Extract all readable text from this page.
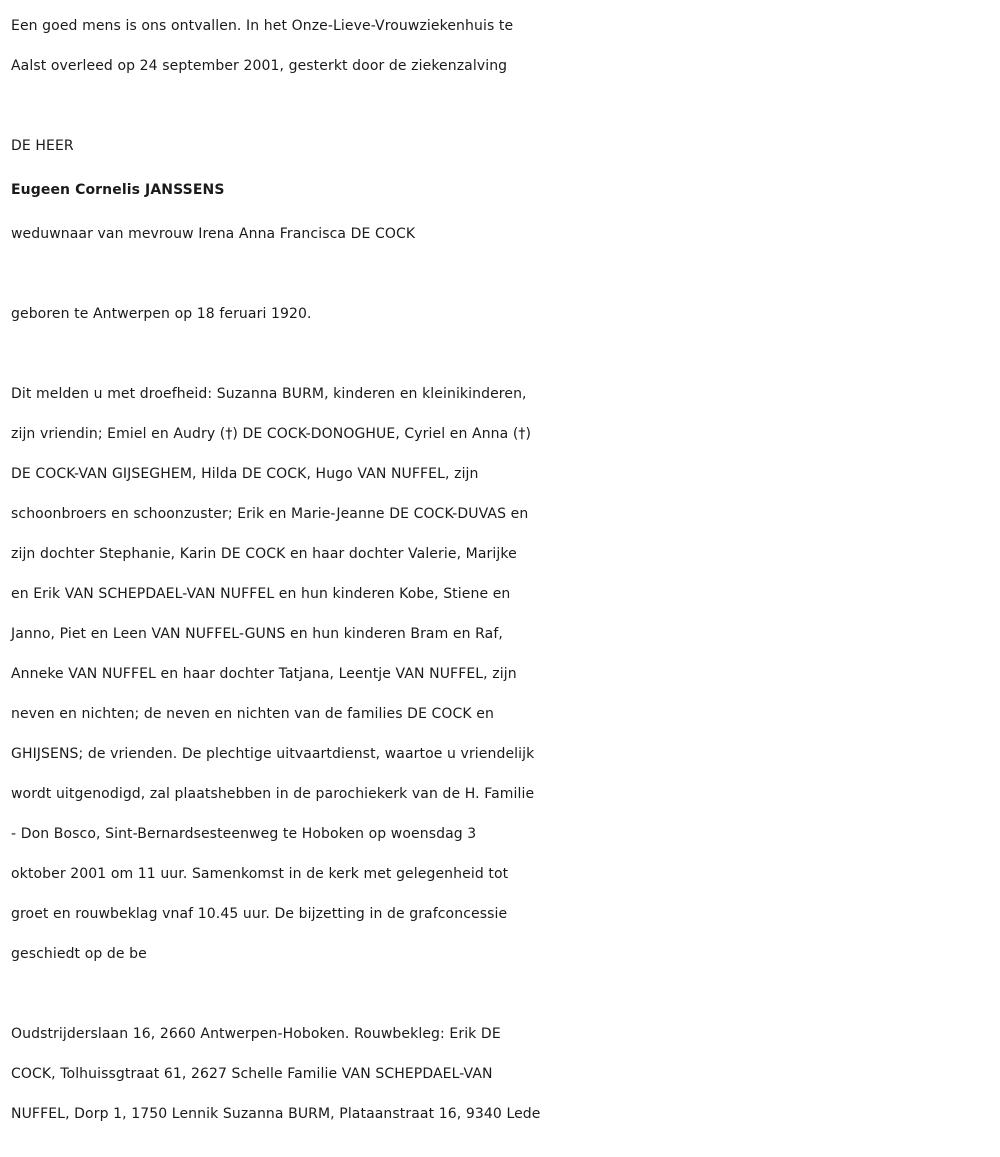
Een goed mens is ons ontvallen. In het Onze-Lieve-Vrouwziekenhuis te
Aalst overleed op 24 september 2001, gesterkt door de ziekenzalving
DE HEER
Eugeen Cornelis JANSSENS
weduwnaar van mevrouw Irena Anna Francisca DE COCK
geboren te Antwerpen op 18 feruari 1920.
Dit melden u met droefheid: Suzanna BURM, kinderen en kleinikinderen,
zijn vriendin; Emiel en Audry (†) DE COCK-DONOGHUE, Cyriel en Anna (†)
DE COCK-VAN GIJSEGHEM, Hilda DE COCK, Hugo VAN NUFFEL, zijn
schoonbroers en schoonzuster; Erik en Marie-Jeanne DE COCK-DUVAS en
zijn dochter Stephanie, Karin DE COCK en haar dochter Valerie, Marijke
en Erik VAN SCHEPDAEL-VAN NUFFEL en hun kinderen Kobe, Stiene en
Janno, Piet en Leen VAN NUFFEL-GUNS en hun kinderen Bram en Raf,
Anneke VAN NUFFEL en haar dochter Tatjana, Leentje VAN NUFFEL, zijn
neven en nichten; de neven en nichten van de families DE COCK en
GHIJSENS; de vrienden. De plechtige uitvaartdienst, waartoe u vriendelijk
wordt uitgenodigd, zal plaatshebben in de parochiekerk van de H. Familie
- Don Bosco, Sint-Bernardsesteenweg te Hoboken op woensdag 3
oktober 2001 om 11 uur. Samenkomst in de kerk met gelegenheid tot
groet en rouwbeklag vnaf 10.45 uur. De bijzetting in de grafconcessie
geschiedt op de be
Oudstrijderslaan 16, 2660 Antwerpen-Hoboken. Rouwbekleg: Erik DE
COCK, Tolhuissgtraat 61, 2627 Schelle Familie VAN SCHEPDAEL-VAN
NUFFEL, Dorp 1, 1750 Lennik Suzanna BURM, Plataanstraat 16, 9340 Lede
